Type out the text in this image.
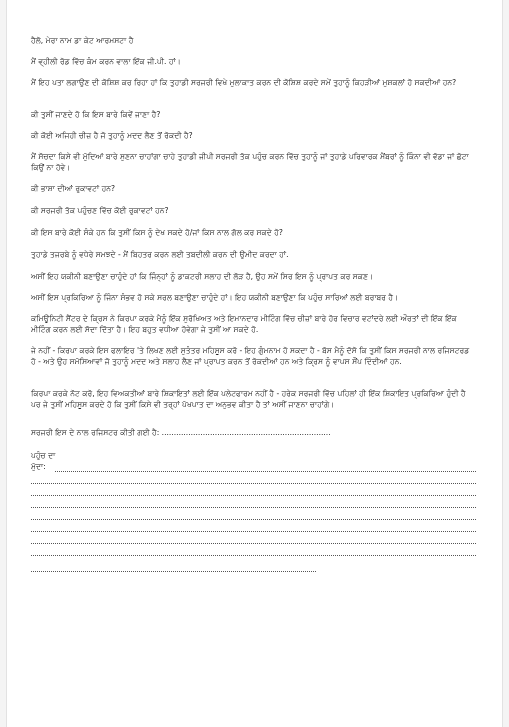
ਹੈਲੋ, ਮੇਰਾ ਨਾਮ ਡਾ ਕੇਟ ਆਰਮਸਟਾ ਹੈ
ਮੈਂ ਵ੍ਹੀਲੀ ਰੋਡ ਵਿੱਚ ਕੰਮ ਕਰਨ ਵਾਲਾ ਇੱਕ ਜੀ.ਪੀ. ਹਾਂ।
ਮੈਂ ਇਹ ਪਤਾ ਲਗਾਉਣ ਦੀ ਕੋਸ਼ਿਸ਼ ਕਰ ਰਿਹਾ ਹਾਂ ਕਿ ਤੁਹਾਡੀ ਸਰਜਰੀ ਵਿਖੇ ਮੁਲਾਕਾਤ ਕਰਨ ਦੀ ਕੋਸ਼ਿਸ਼ ਕਰਦੇ ਸਮੇਂ ਤੁਹਾਨੂੰ ਕਿਹੜੀਆਂ ਮੁਸ਼ਕਲਾਂ ਹੋ ਸਕਦੀਆਂ ਹਨ?
ਕੀ ਤੁਸੀਂ ਜਾਣਦੇ ਹੋ ਕਿ ਇਸ ਬਾਰੇ ਕਿਵੇਂ ਜਾਣਾ ਹੈ?
ਕੀ ਕੋਈ ਅਜਿਹੀ ਚੀਜ਼ ਹੈ ਜੋ ਤੁਹਾਨੂੰ ਮਦਦ ਲੈਣ ਤੋਂ ਰੋਕਦੀ ਹੈ?
ਮੈਂ ਸੋਚਦਾ ਕਿਸੇ ਵੀ ਮੁੱਦਿਆਂ ਬਾਰੇ ਸੁਣਨਾ ਚਾਹਾਂਗਾ ਚਾਹੇ ਤੁਹਾਡੀ ਜੀਪੀ ਸਰਜਰੀ ਤੱਕ ਪਹੁੰਚ ਕਰਨ ਵਿੱਚ ਤੁਹਾਨੂੰ ਜਾਂ ਤੁਹਾਡੇ ਪਰਿਵਾਰਕ ਮੈਂਬਰਾਂ ਨੂੰ ਕਿੰਨਾ ਵੀ ਵੱਡਾ ਜਾਂ ਛੋਟਾ ਕਿਉਂ ਨਾ ਹੋਵੇ।
ਕੀ ਭਾਸ਼ਾ ਦੀਆਂ ਰੁਕਾਵਟਾਂ ਹਨ?
ਕੀ ਸਰਜਰੀ ਤੱਕ ਪਹੁੰਚਣ ਵਿੱਚ ਕੋਈ ਰੁਕਾਵਟਾਂ ਹਨ?
ਕੀ ਇਸ ਬਾਰੇ ਕੋਈ ਸੰਕੇ ਹਨ ਕਿ ਤੁਸੀਂ ਕਿਸ ਨੂੰ ਦੇਖ ਸਕਦੇ ਹੋ/ਜਾਂ ਕਿਸ ਨਾਲ ਗੱਲ ਕਰ ਸਕਦੇ ਹੋ?
ਤੁਹਾਡੇ ਤਜਰਬੇ ਨੂੰ ਵਧੇਰੇ ਸਮਝਦੇ - ਮੈਂ ਬਿਹਤਰ ਕਰਨ ਲਈ ਤਬਦੀਲੀ ਕਰਨ ਦੀ ਉਮੀਦ ਕਰਦਾ ਹਾਂ.
ਅਸੀਂ ਇਹ ਯਕੀਨੀ ਬਣਾਉਣਾ ਚਾਹੁੰਦੇ ਹਾਂ ਕਿ ਜਿੰਨ੍ਹਾਂ ਨੂੰ ਡਾਕਟਰੀ ਸਲਾਹ ਦੀ ਲੋੜ ਹੈ, ਉਹ ਸਮੇਂ ਸਿਰ ਇਸ ਨੂੰ ਪ੍ਰਾਪਤ ਕਰ ਸਕਣ।
ਅਸੀਂ ਇਸ ਪ੍ਰਕਿਰਿਆ ਨੂੰ ਜਿੰਨਾ ਸੰਭਵ ਹੋ ਸਕੇ ਸਰਲ ਬਣਾਉਣਾ ਚਾਹੁੰਦੇ ਹਾਂ। ਇਹ ਯਕੀਨੀ ਬਣਾਉਣਾ ਕਿ ਪਹੁੰਚ ਸਾਰਿਆਂ ਲਈ ਬਰਾਬਰ ਹੈ।
ਕਮਿਊਨਿਟੀ ਸੈਂਟਰ ਦੇ ਕ੍ਰਿਸ ਨੇ ਕਿਰਪਾ ਕਰਕੇ ਮੈਨੂੰ ਇੱਕ ਸੁਰੱਖਿਅਤ ਅਤੇ ਇਮਾਨਦਾਰ ਮੀਟਿੰਗ ਵਿੱਚ ਚੀਜ਼ਾਂ ਬਾਰੇ ਹੋਰ ਵਿਚਾਰ ਵਟਾਂਦਰੇ ਲਈ ਔਰਤਾਂ ਦੀ ਇੱਕ ਇੱਕ ਮੀਟਿੰਗ ਕਰਨ ਲਈ ਸੱਦਾ ਦਿੱਤਾ ਹੈ। ਇਹ ਬਹੁਤ ਵਧੀਆ ਹੋਵੇਗਾ ਜੇ ਤੁਸੀਂ ਆ ਸਕਦੇ ਹੋ.
ਜੇ ਨਹੀਂ - ਕਿਰਪਾ ਕਰਕੇ ਇਸ ਫਲਾਇਰ 'ਤੇ ਲਿਖਣ ਲਈ ਸੁਤੰਤਰ ਮਹਿਸੂਸ ਕਰੋ - ਇਹ ਗੁੰਮਨਾਮ ਹੋ ਸਕਦਾ ਹੈ - ਬੱਸ ਮੈਨੂੰ ਦੱਸੋ ਕਿ ਤੁਸੀਂ ਕਿਸ ਸਰਜਰੀ ਨਾਲ ਰਜਿਸਟਰਡ ਹੋ - ਅਤੇ ਉਹ ਸਮੱਸਿਆਵਾਂ ਜੋ ਤੁਹਾਨੂੰ ਮਦਦ ਅਤੇ ਸਲਾਹ ਲੈਣ ਜਾਂ ਪ੍ਰਾਪਤ ਕਰਨ ਤੋਂ ਰੋਕਦੀਆਂ ਹਨ ਅਤੇ ਕ੍ਰਿਸ ਨੂੰ ਵਾਪਸ ਸੌਂਪ ਦਿੰਦੀਆਂ ਹਨ.
ਕਿਰਪਾ ਕਰਕੇ ਨੋਟ ਕਰੋ, ਇਹ ਵਿਅਕਤੀਆਂ ਬਾਰੇ ਸ਼ਿਕਾਇਤਾਂ ਲਈ ਇੱਕ ਪਲੇਟਫਾਰਮ ਨਹੀਂ ਹੈ - ਹਰੇਕ ਸਰਜਰੀ ਵਿੱਚ ਪਹਿਲਾਂ ਹੀ ਇੱਕ ਸ਼ਿਕਾਇਤ ਪ੍ਰਕਿਰਿਆ ਹੁੰਦੀ ਹੈ ਪਰ ਜੇ ਤੁਸੀਂ ਮਹਿਸੂਸ ਕਰਦੇ ਹੋ ਕਿ ਤੁਸੀਂ ਕਿਸੇ ਵੀ ਤਰ੍ਹਾਂ ਪੱਖਪਾਤ ਦਾ ਅਨੁਭਵ ਕੀਤਾ ਹੈ ਤਾਂ ਅਸੀਂ ਜਾਣਨਾ ਚਾਹਾਂਗੇ।
ਸਰਜਰੀ ਇਸ ਦੇ ਨਾਲ ਰਜਿਸਟਰ ਕੀਤੀ ਗਈ ਹੈ: ......................................................................
ਪਹੁੰਚ ਦਾ
ਮੁੱਦਾ:
